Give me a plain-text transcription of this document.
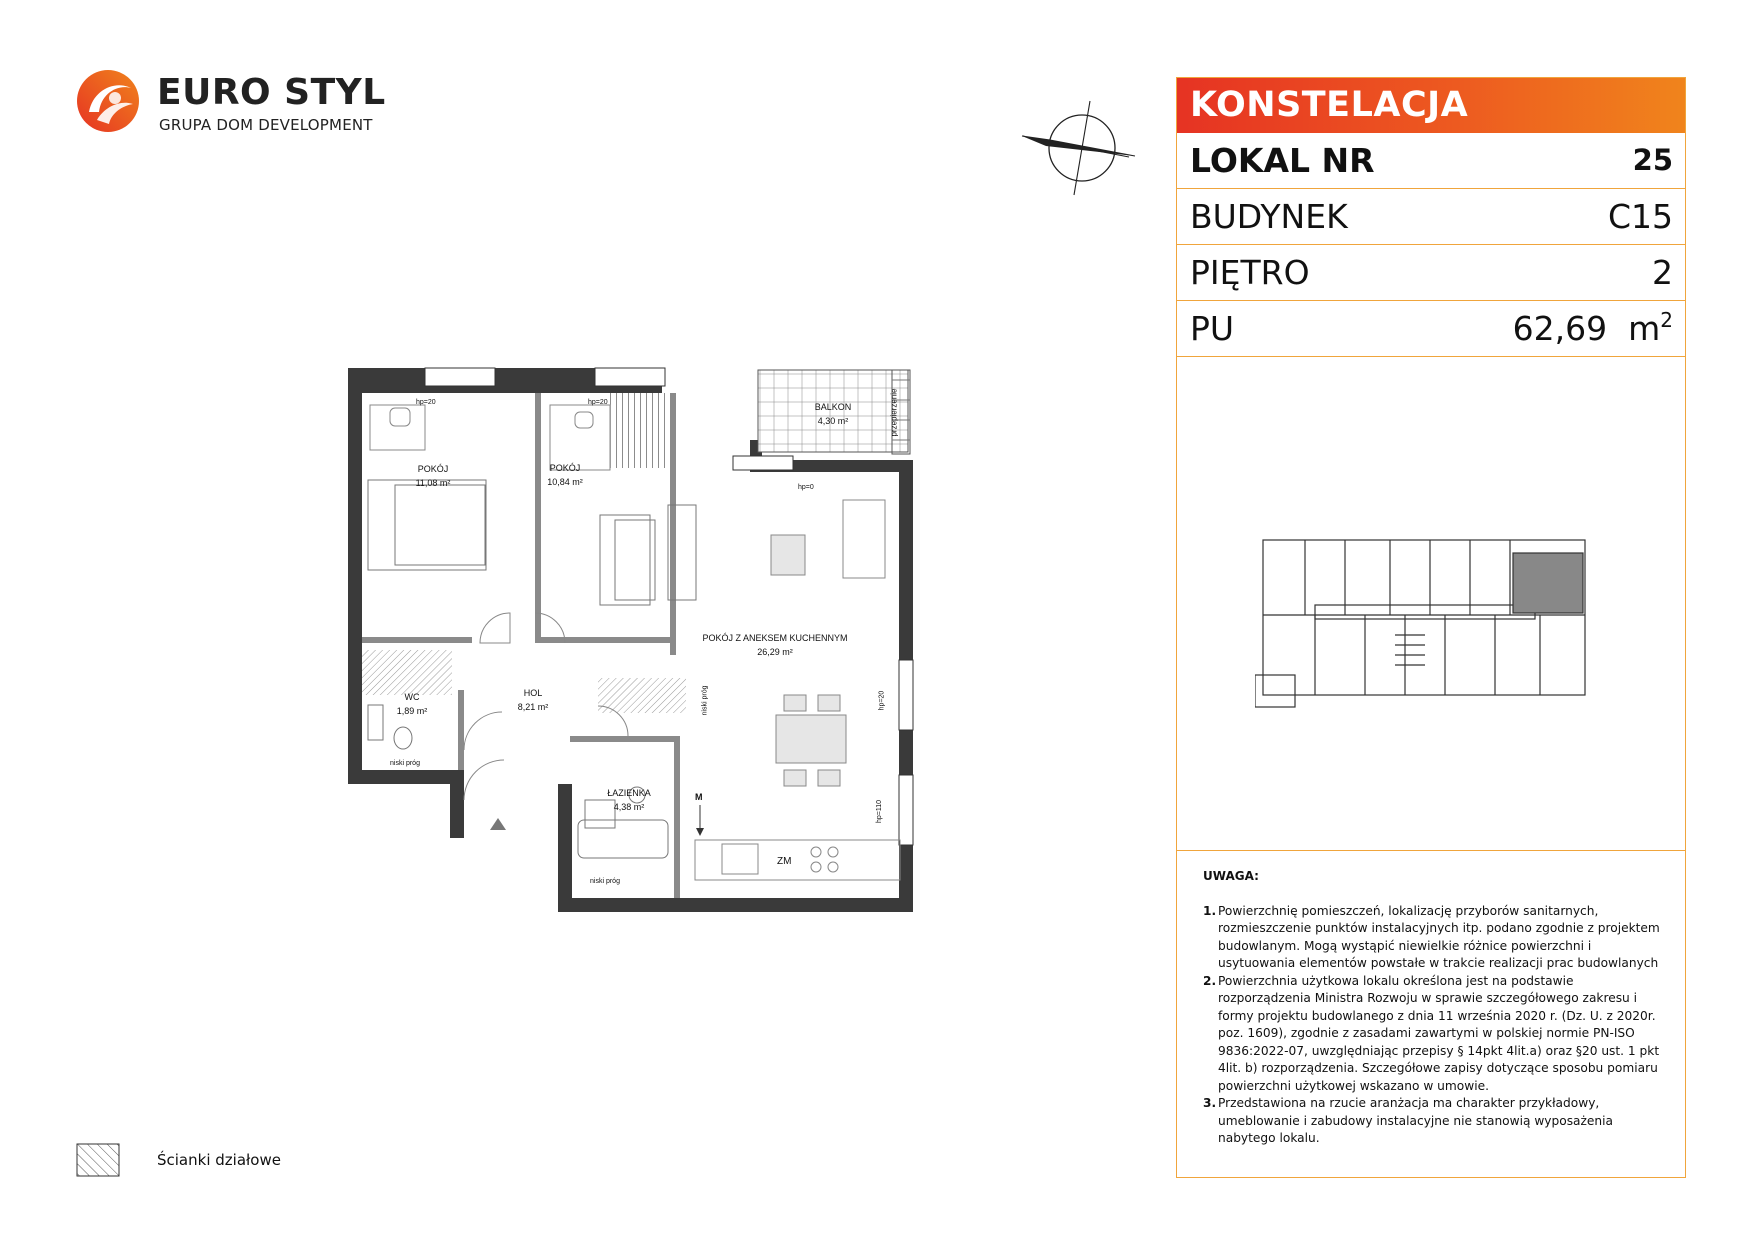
EURO STYL
GRUPA DOM DEVELOPMENT
POKÓJ
11,08 m²
POKÓJ
10,84 m²
BALKON
4,30 m²
POKÓJ Z ANEKSEM KUCHENNYM
26,29 m²
HOL
8,21 m²
WC
1,89 m²
ŁAZIENKA
4,38 m²
hp=20	hp=20
hp=0
hp=20
hp=110
przepierzenie
niski próg
niski próg
niski próg
ZM
M
KONSTELACJA
LOKAL NR	25
BUDYNEK	C15
PIĘTRO	2
PU	62,69 $m^2$
UWAGA:

1. Powierzchnię pomieszczeń, lokalizację przyborów sanitarnych, rozmieszczenie punktów instalacyjnych itp. podano zgodnie z projektem budowlanym. Mogą wystąpić niewielkie różnice powierzchni i usytuowania elementów powstałe w trakcie realizacji prac budowlanych

2. Powierzchnia użytkowa lokalu określona jest na podstawie rozporządzenia Ministra Rozwoju w sprawie szczegółowego zakresu i formy projektu budowlanego z dnia 11 września 2020 r. (Dz. U. z 2020r. poz. 1609), zgodnie z zasadami zawartymi w polskiej normie PN-ISO 9836:2022-07, uwzględniając przepisy § 14pkt 4lit.a) oraz §20 ust. 1 pkt 4lit. b) rozporządzenia. Szczegółowe zapisy dotyczące sposobu pomiaru powierzchni użytkowej wskazano w umowie.

3. Przedstawiona na rzucie aranżacja ma charakter przykładowy, umeblowanie i zabudowy instalacyjne nie stanowią wyposażenia nabytego lokalu.

Ścianki działowe
